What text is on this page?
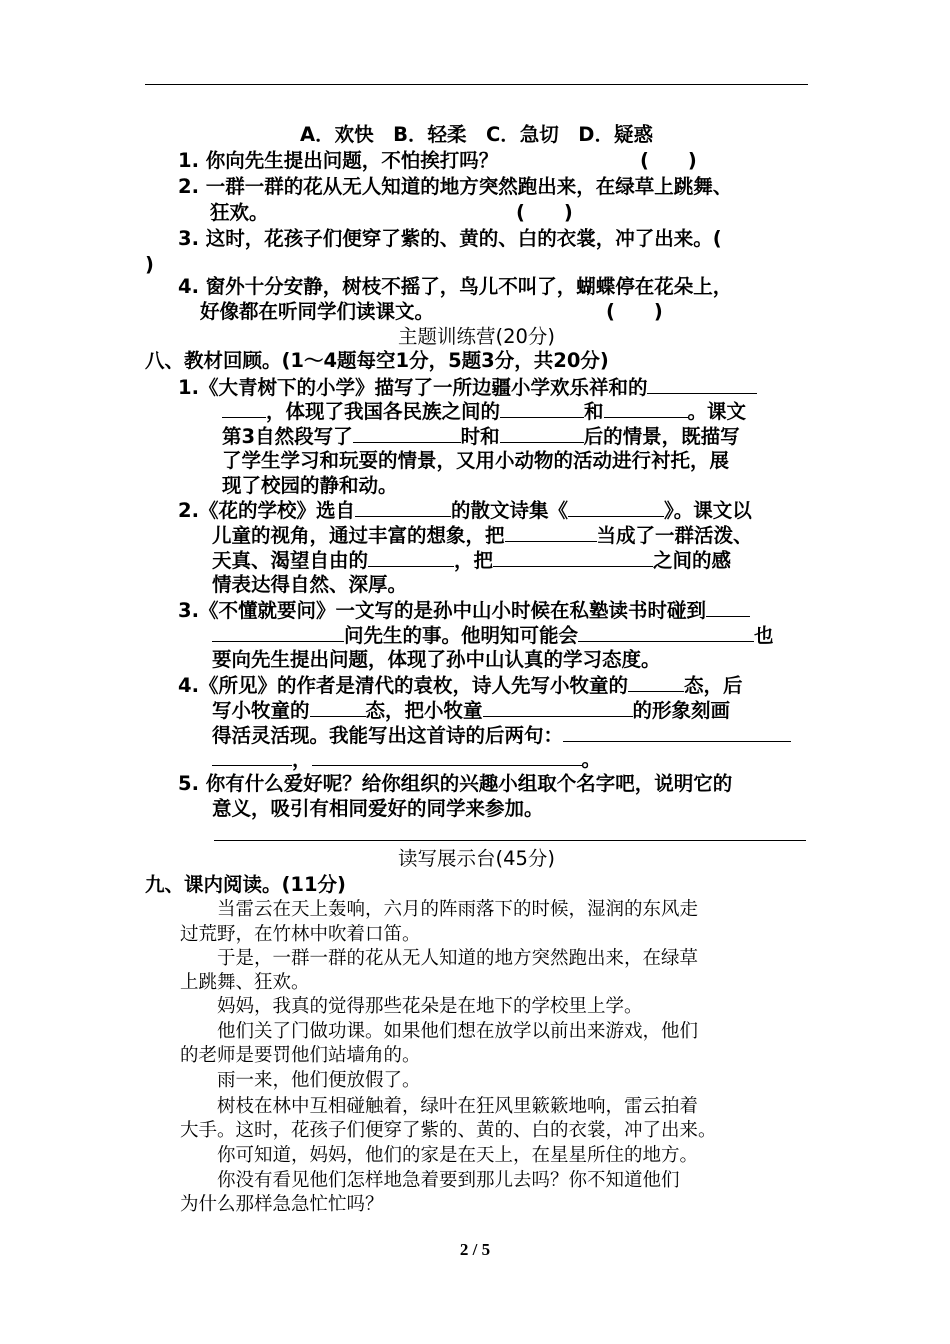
A．欢快　B．轻柔　C．急切　D．疑惑
1. 你向先生提出问题，不怕挨打吗？	(　　)
2. 一群一群的花从无人知道的地方突然跑出来，在绿草上跳舞、
狂欢。	(　　)
3. 这时，花孩子们便穿了紫的、黄的、白的衣裳，冲了出来。(
)
4. 窗外十分安静，树枝不摇了，鸟儿不叫了，蝴蝶停在花朵上，
好像都在听同学们读课文。	(　　)
主题训练营(20分)
八、教材回顾。(1～4题每空1分，5题3分，共20分)
1.《大青树下的小学》描写了一所边疆小学欢乐祥和的
，体现了我国各民族之间的	和	。课文
第3自然段写了	时和	后的情景，既描写
了学生学习和玩耍的情景，又用小动物的活动进行衬托，展
现了校园的静和动。
2.《花的学校》选自	的散文诗集《	》。课文以
儿童的视角，通过丰富的想象，把	当成了一群活泼、
天真、渴望自由的	，把	之间的感
情表达得自然、深厚。
3.《不懂就要问》一文写的是孙中山小时候在私塾读书时碰到
问先生的事。他明知可能会	也
要向先生提出问题，体现了孙中山认真的学习态度。
4.《所见》的作者是清代的袁枚，诗人先写小牧童的	态，后
写小牧童的	态，把小牧童	的形象刻画
得活灵活现。我能写出这首诗的后两句：
，	。
5. 你有什么爱好呢？给你组织的兴趣小组取个名字吧，说明它的
意义，吸引有相同爱好的同学来参加。
读写展示台(45分)
九、课内阅读。(11分)
　　当雷云在天上轰响，六月的阵雨落下的时候，湿润的东风走
过荒野，在竹林中吹着口笛。
　　于是，一群一群的花从无人知道的地方突然跑出来，在绿草
上跳舞、狂欢。
　　妈妈，我真的觉得那些花朵是在地下的学校里上学。
　　他们关了门做功课。如果他们想在放学以前出来游戏，他们
的老师是要罚他们站墙角的。
　　雨一来，他们便放假了。
　　树枝在林中互相碰触着，绿叶在狂风里簌簌地响，雷云拍着
大手。这时，花孩子们便穿了紫的、黄的、白的衣裳，冲了出来。
　　你可知道，妈妈，他们的家是在天上，在星星所住的地方。
　　你没有看见他们怎样地急着要到那儿去吗？你不知道他们
为什么那样急急忙忙吗？
2 / 5
